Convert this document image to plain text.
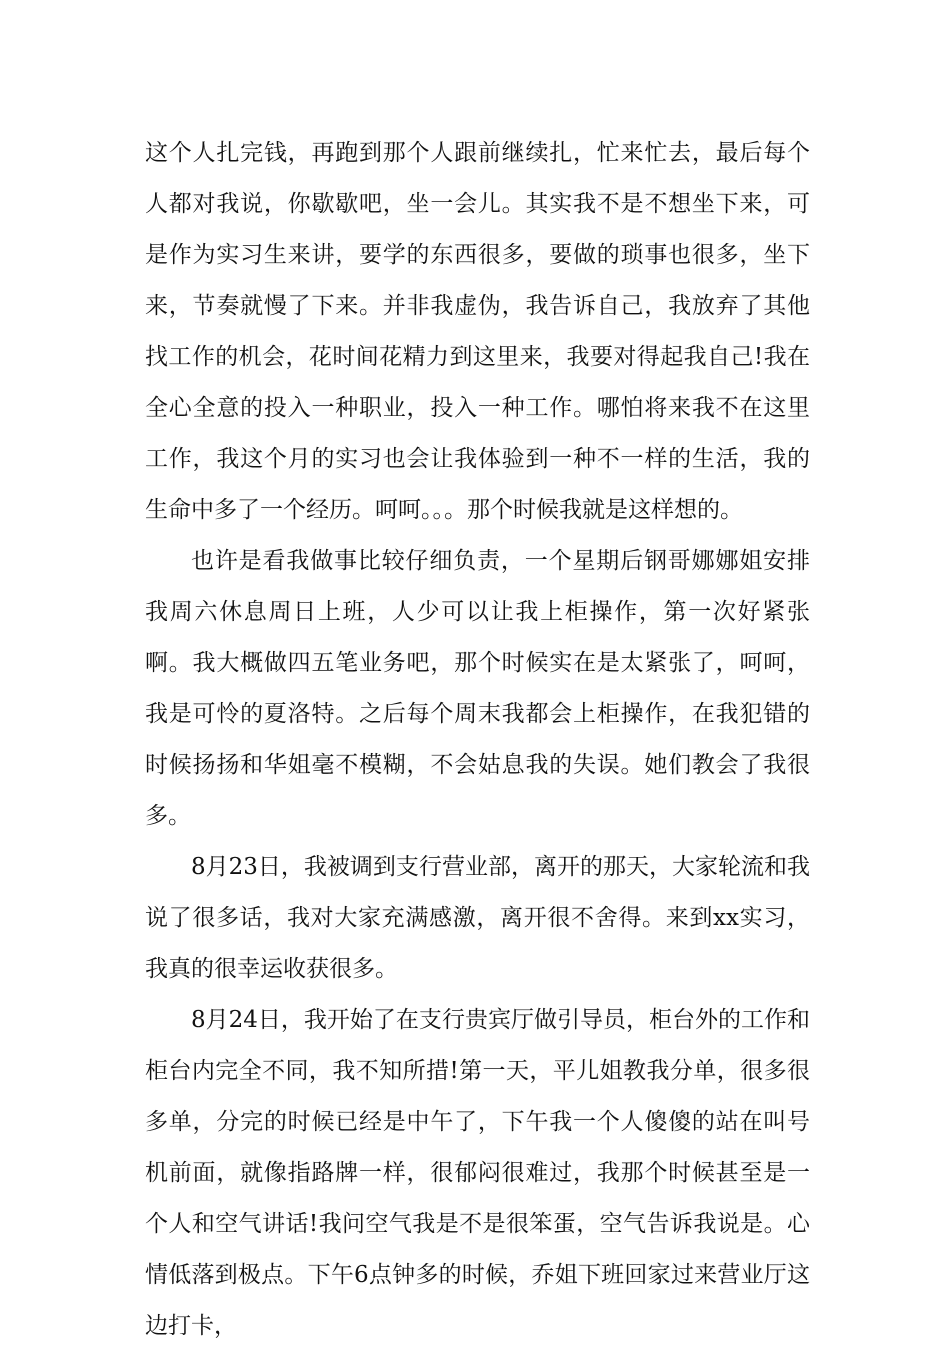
这个人扎完钱，再跑到那个人跟前继续扎，忙来忙去，最后每个人都对我说，你歇歇吧，坐一会儿。其实我不是不想坐下来，可是作为实习生来讲，要学的东西很多，要做的琐事也很多，坐下来，节奏就慢了下来。并非我虚伪，我告诉自己，我放弃了其他找工作的机会，花时间花精力到这里来，我要对得起我自己!我在全心全意的投入一种职业，投入一种工作。哪怕将来我不在这里工作，我这个月的实习也会让我体验到一种不一样的生活，我的生命中多了一个经历。呵呵。。。那个时候我就是这样想的。

也许是看我做事比较仔细负责，一个星期后钢哥娜娜姐安排我周六休息周日上班，人少可以让我上柜操作，第一次好紧张啊。我大概做四五笔业务吧，那个时候实在是太紧张了，呵呵，我是可怜的夏洛特。之后每个周末我都会上柜操作，在我犯错的时候扬扬和华姐毫不模糊，不会姑息我的失误。她们教会了我很多。

8月23日，我被调到支行营业部，离开的那天，大家轮流和我说了很多话，我对大家充满感激，离开很不舍得。来到xx实习，我真的很幸运收获很多。

8月24日，我开始了在支行贵宾厅做引导员，柜台外的工作和柜台内完全不同，我不知所措!第一天，平儿姐教我分单，很多很多单，分完的时候已经是中午了，下午我一个人傻傻的站在叫号机前面，就像指路牌一样，很郁闷很难过，我那个时候甚至是一个人和空气讲话!我问空气我是不是很笨蛋，空气告诉我说是。心情低落到极点。下午6点钟多的时候，乔姐下班回家过来营业厅这边打卡，
